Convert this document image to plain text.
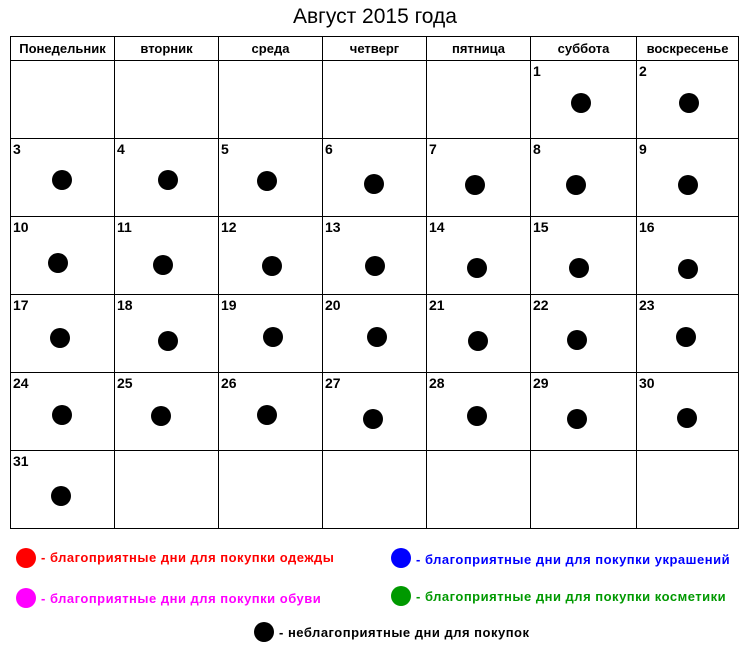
Август 2015 года
Понедельник	вторник	среда	четверг	пятница	суббота	воскресенье

					1	2

3	4	5	6	7	8	9

10	11	12	13	14	15	16

17	18	19	20	21	22	23

24	25	26	27	28	29	30

31						

- благоприятные дни для покупки одежды	- благоприятные дни для покупки украшений
- благоприятные дни для покупки обуви	- благоприятные дни для покупки косметики
- неблагоприятные дни для покупок
